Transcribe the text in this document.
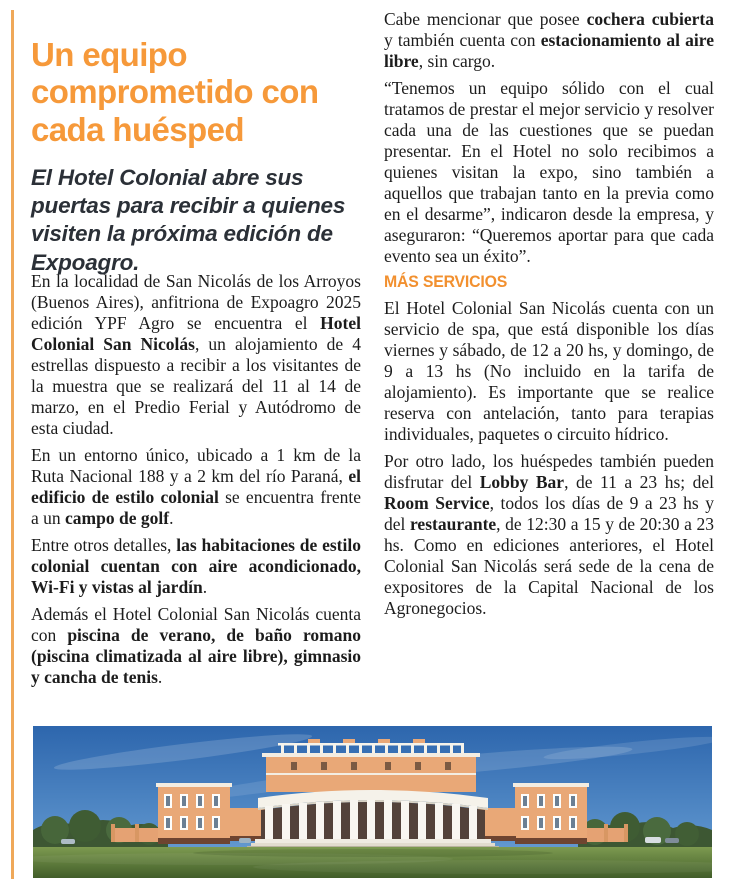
Un equipo comprometido con cada huésped

El Hotel Colonial abre sus puertas para recibir a quienes visiten la próxima edición de Expoagro.

En la localidad de San Nicolás de los Arroyos (Buenos Aires), anfitriona de Expoagro 2025 edición YPF Agro se encuentra el Hotel Colonial San Nicolás, un alojamiento de 4 estrellas dispuesto a recibir a los visitantes de la muestra que se realizará del 11 al 14 de marzo, en el Predio Ferial y Autódromo de esta ciudad.

En un entorno único, ubicado a 1 km de la Ruta Nacional 188 y a 2 km del río Paraná, el edificio de estilo colonial se encuentra frente a un campo de golf.

Entre otros detalles, las habitaciones de estilo colonial cuentan con aire acondicionado, Wi-Fi y vistas al jardín.

Además el Hotel Colonial San Nicolás cuenta con piscina de verano, de baño romano (piscina climatizada al aire libre), gimnasio y cancha de tenis.

Cabe mencionar que posee cochera cubierta y también cuenta con estacionamiento al aire libre, sin cargo.

“Tenemos un equipo sólido con el cual tratamos de prestar el mejor servicio y resolver cada una de las cuestiones que se puedan presentar. En el Hotel no solo recibimos a quienes visitan la expo, sino también a aquellos que trabajan tanto en la previa como en el desarme”, indicaron desde la empresa, y aseguraron: “Queremos aportar para que cada evento sea un éxito”.

MÁS SERVICIOS

El Hotel Colonial San Nicolás cuenta con un servicio de spa, que está disponible los días viernes y sábado, de 12 a 20 hs, y domingo, de 9 a 13 hs (No incluido en la tarifa de alojamiento). Es importante que se realice reserva con antelación, tanto para terapias individuales, paquetes o circuito hídrico.

Por otro lado, los huéspedes también pueden disfrutar del Lobby Bar, de 11 a 23 hs; del Room Service, todos los días de 9 a 23 hs y del restaurante, de 12:30 a 15 y de 20:30 a 23 hs. Como en ediciones anteriores, el Hotel Colonial San Nicolás será sede de la cena de expositores de la Capital Nacional de los Agronegocios.
